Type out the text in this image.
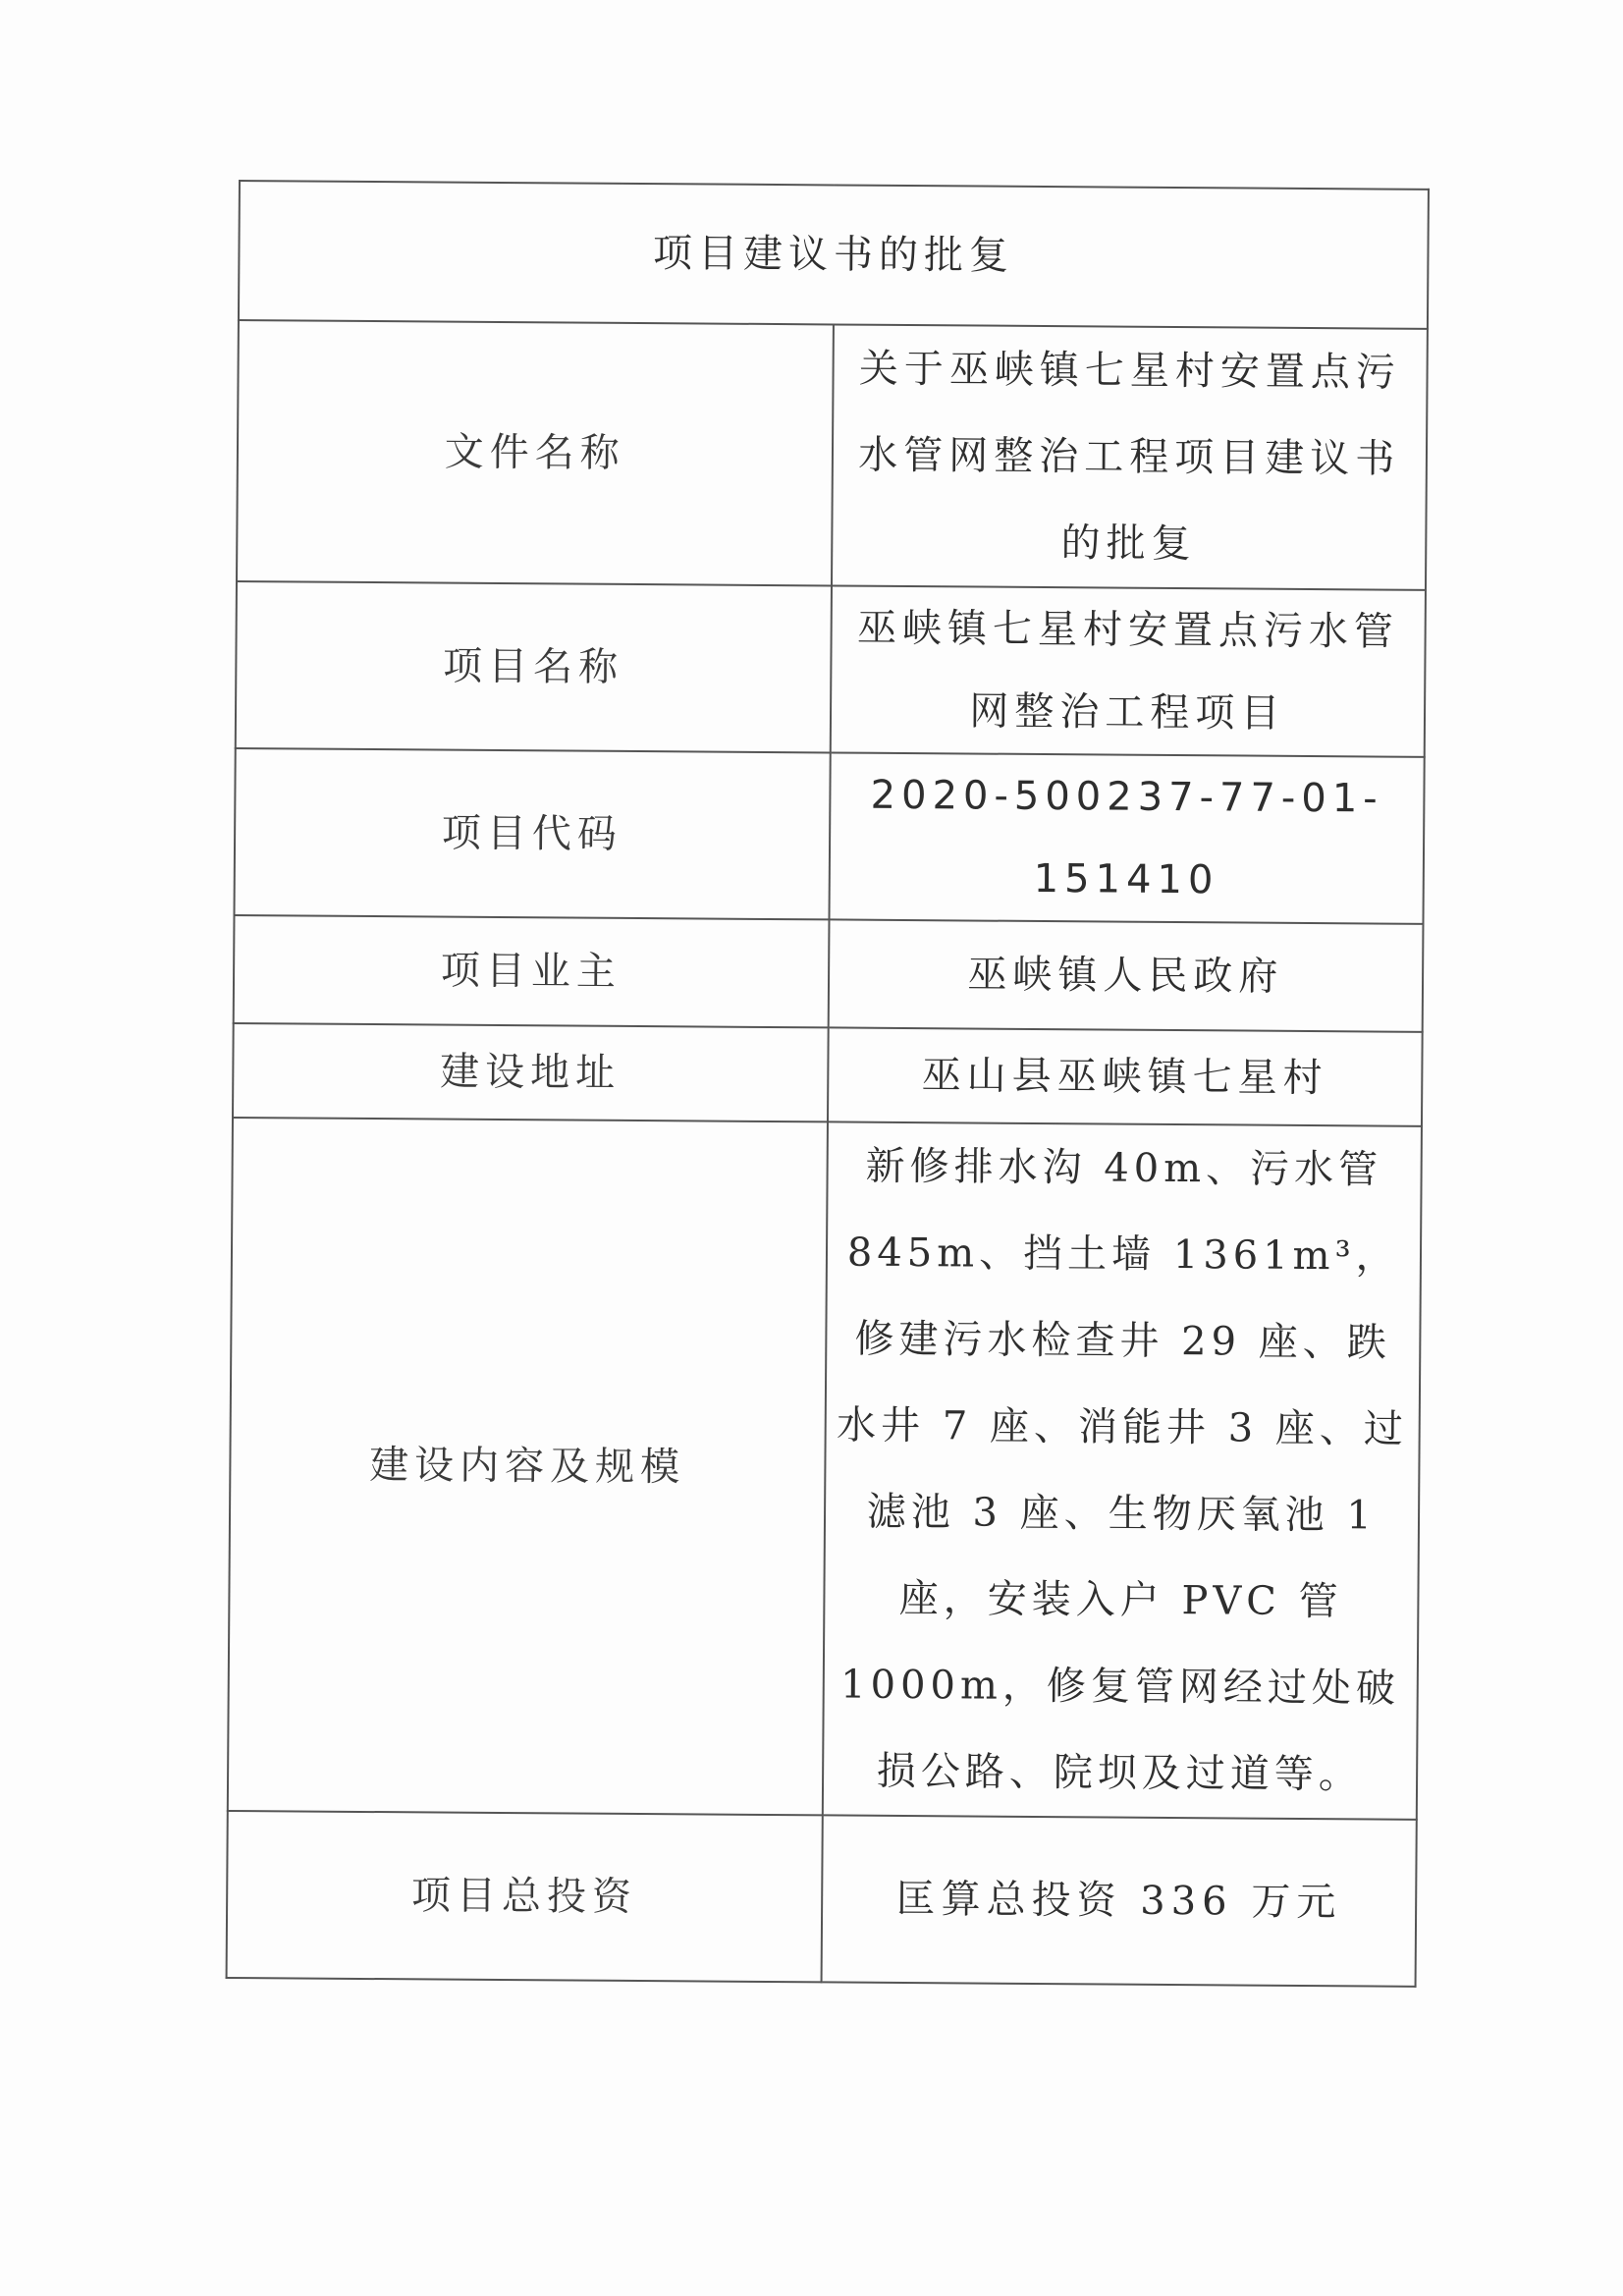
项目建议书的批复	
文件名称	关于巫峡镇七星村安置点污水管网整治工程项目建议书的批复
项目名称	巫峡镇七星村安置点污水管网整治工程项目
项目代码	2020-500237-77-01-151410
项目业主	巫峡镇人民政府
建设地址	巫山县巫峡镇七星村
建设内容及规模	新修排水沟 40m、污水管 845m、挡土墙 1361m³，修建污水检查井 29 座、跌水井 7 座、消能井 3 座、过滤池 3 座、生物厌氧池 1 座，安装入户 PVC 管 1000m，修复管网经过处破损公路、院坝及过道等。

项目总投资	匡算总投资 336 万元
